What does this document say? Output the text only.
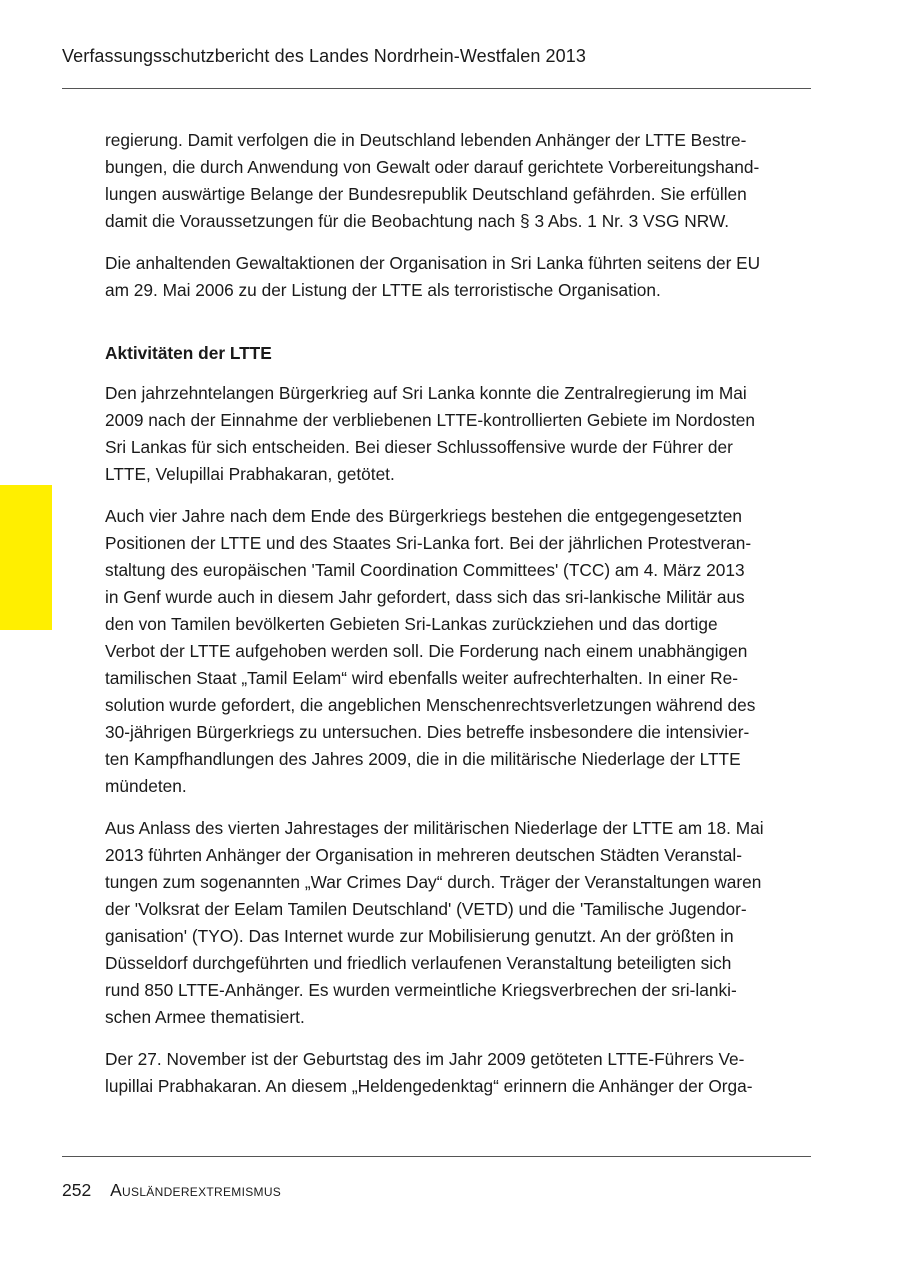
Verfassungsschutzbericht des Landes Nordrhein-Westfalen 2013

regierung. Damit verfolgen die in Deutschland lebenden Anhänger der LTTE Bestre-
bungen, die durch Anwendung von Gewalt oder darauf gerichtete Vorbereitungshand-
lungen auswärtige Belange der Bundesrepublik Deutschland gefährden. Sie erfüllen
damit die Voraussetzungen für die Beobachtung nach § 3 Abs. 1 Nr. 3 VSG NRW.

Die anhaltenden Gewaltaktionen der Organisation in Sri Lanka führten seitens der EU
am 29. Mai 2006 zu der Listung der LTTE als terroristische Organisation.

Aktivitäten der LTTE

Den jahrzehntelangen Bürgerkrieg auf Sri Lanka konnte die Zentralregierung im Mai
2009 nach der Einnahme der verbliebenen LTTE-kontrollierten Gebiete im Nordosten
Sri Lankas für sich entscheiden. Bei dieser Schlussoffensive wurde der Führer der
LTTE, Velupillai Prabhakaran, getötet.

Auch vier Jahre nach dem Ende des Bürgerkriegs bestehen die entgegengesetzten
Positionen der LTTE und des Staates Sri-Lanka fort. Bei der jährlichen Protestveran-
staltung des europäischen 'Tamil Coordination Committees' (TCC) am 4. März 2013
in Genf wurde auch in diesem Jahr gefordert, dass sich das sri-lankische Militär aus
den von Tamilen bevölkerten Gebieten Sri-Lankas zurückziehen und das dortige
Verbot der LTTE aufgehoben werden soll. Die Forderung nach einem unabhängigen
tamilischen Staat „Tamil Eelam“ wird ebenfalls weiter aufrechterhalten. In einer Re-
solution wurde gefordert, die angeblichen Menschenrechtsverletzungen während des
30-jährigen Bürgerkriegs zu untersuchen. Dies betreffe insbesondere die intensivier-
ten Kampfhandlungen des Jahres 2009, die in die militärische Niederlage der LTTE
mündeten.

Aus Anlass des vierten Jahrestages der militärischen Niederlage der LTTE am 18. Mai
2013 führten Anhänger der Organisation in mehreren deutschen Städten Veranstal-
tungen zum sogenannten „War Crimes Day“ durch. Träger der Veranstaltungen waren
der 'Volksrat der Eelam Tamilen Deutschland' (VETD) und die 'Tamilische Jugendor-
ganisation' (TYO). Das Internet wurde zur Mobilisierung genutzt. An der größten in
Düsseldorf durchgeführten und friedlich verlaufenen Veranstaltung beteiligten sich
rund 850 LTTE-Anhänger. Es wurden vermeintliche Kriegsverbrechen der sri-lanki-
schen Armee thematisiert.

Der 27. November ist der Geburtstag des im Jahr 2009 getöteten LTTE-Führers Ve-
lupillai Prabhakaran. An diesem „Heldengedenktag“ erinnern die Anhänger der Orga-

252 Ausländerextremismus
